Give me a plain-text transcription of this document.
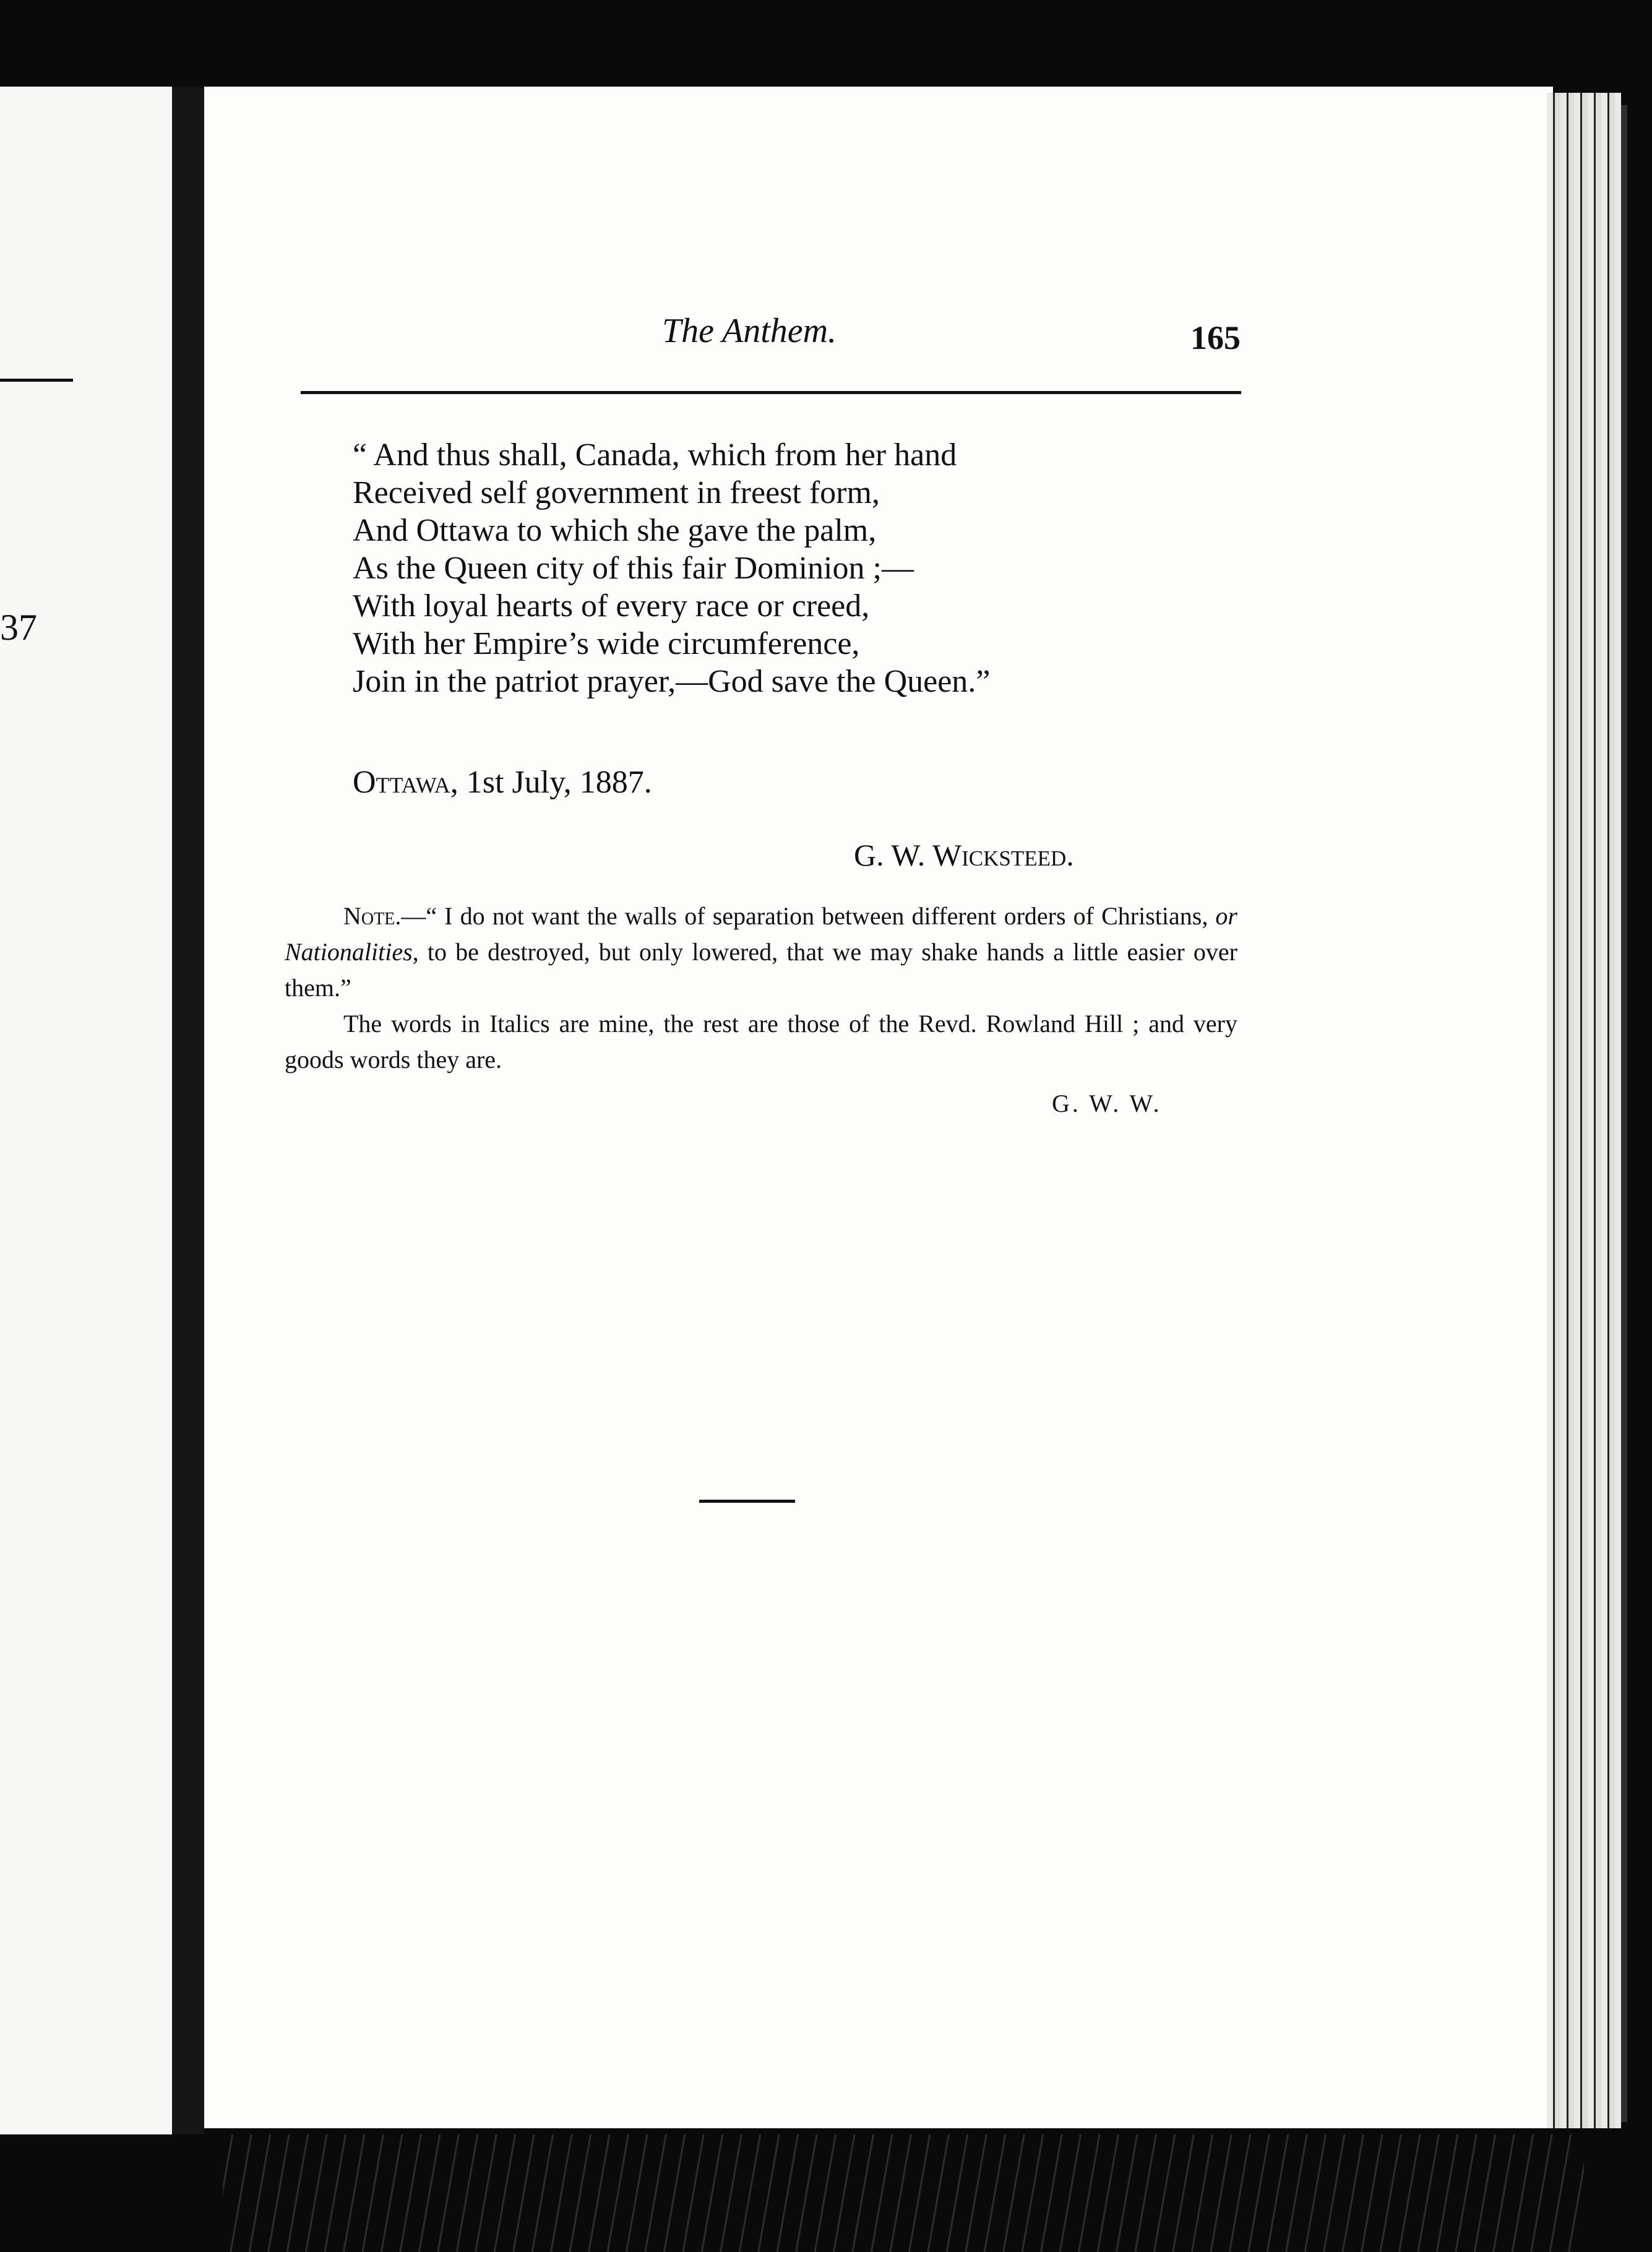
37
The Anthem.	165
“ And thus shall, Canada, which from her hand
Received self government in freest form,
And Ottawa to which she gave the palm,
As the Queen city of this fair Dominion ;—
With loyal hearts of every race or creed,
With her Empire’s wide circumference,
Join in the patriot prayer,—God save the Queen.”
Ottawa, 1st July, 1887.
G. W. Wicksteed.

Note.—“ I do not want the walls of separation between different orders of Christians, or Nationalities, to be destroyed, but only lowered, that we may shake hands a little easier over them.”

The words in Italics are mine, the rest are those of the Revd. Rowland Hill ; and very goods words they are.

G. W. W.
